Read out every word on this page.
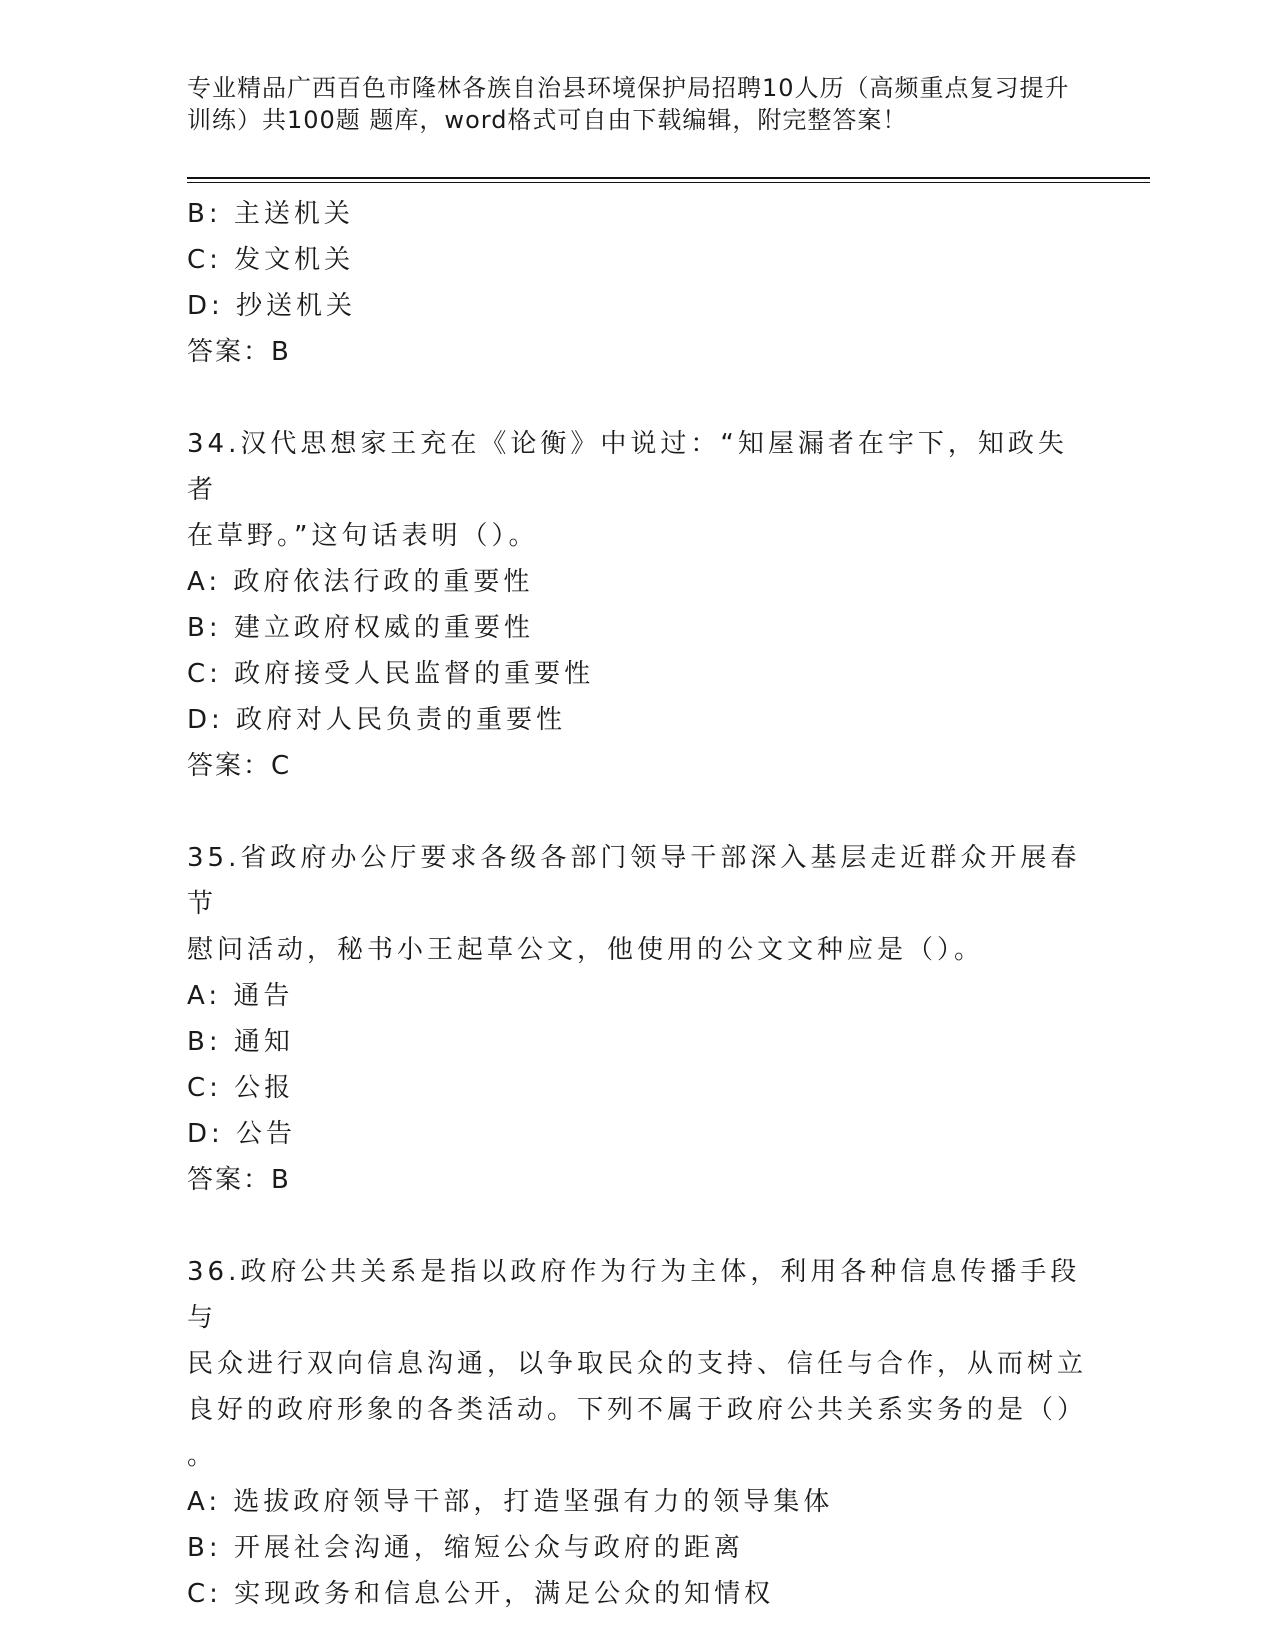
专业精品广西百色市隆林各族自治县环境保护局招聘10人历（高频重点复习提升
训练）共100题 题库，word格式可自由下载编辑，附完整答案！
B: 主送机关
C: 发文机关
D: 抄送机关
答案：B
34.汉代思想家王充在《论衡》中说过：“知屋漏者在宇下，知政失者
在草野。”这句话表明（）。
A: 政府依法行政的重要性
B: 建立政府权威的重要性
C: 政府接受人民监督的重要性
D: 政府对人民负责的重要性
答案：C
35.省政府办公厅要求各级各部门领导干部深入基层走近群众开展春节
慰问活动，秘书小王起草公文，他使用的公文文种应是（）。
A: 通告
B: 通知
C: 公报
D: 公告
答案：B
36.政府公共关系是指以政府作为行为主体，利用各种信息传播手段与
民众进行双向信息沟通，以争取民众的支持、信任与合作，从而树立
良好的政府形象的各类活动。下列不属于政府公共关系实务的是（）
。
A: 选拔政府领导干部，打造坚强有力的领导集体
B: 开展社会沟通，缩短公众与政府的距离
C: 实现政务和信息公开，满足公众的知情权
